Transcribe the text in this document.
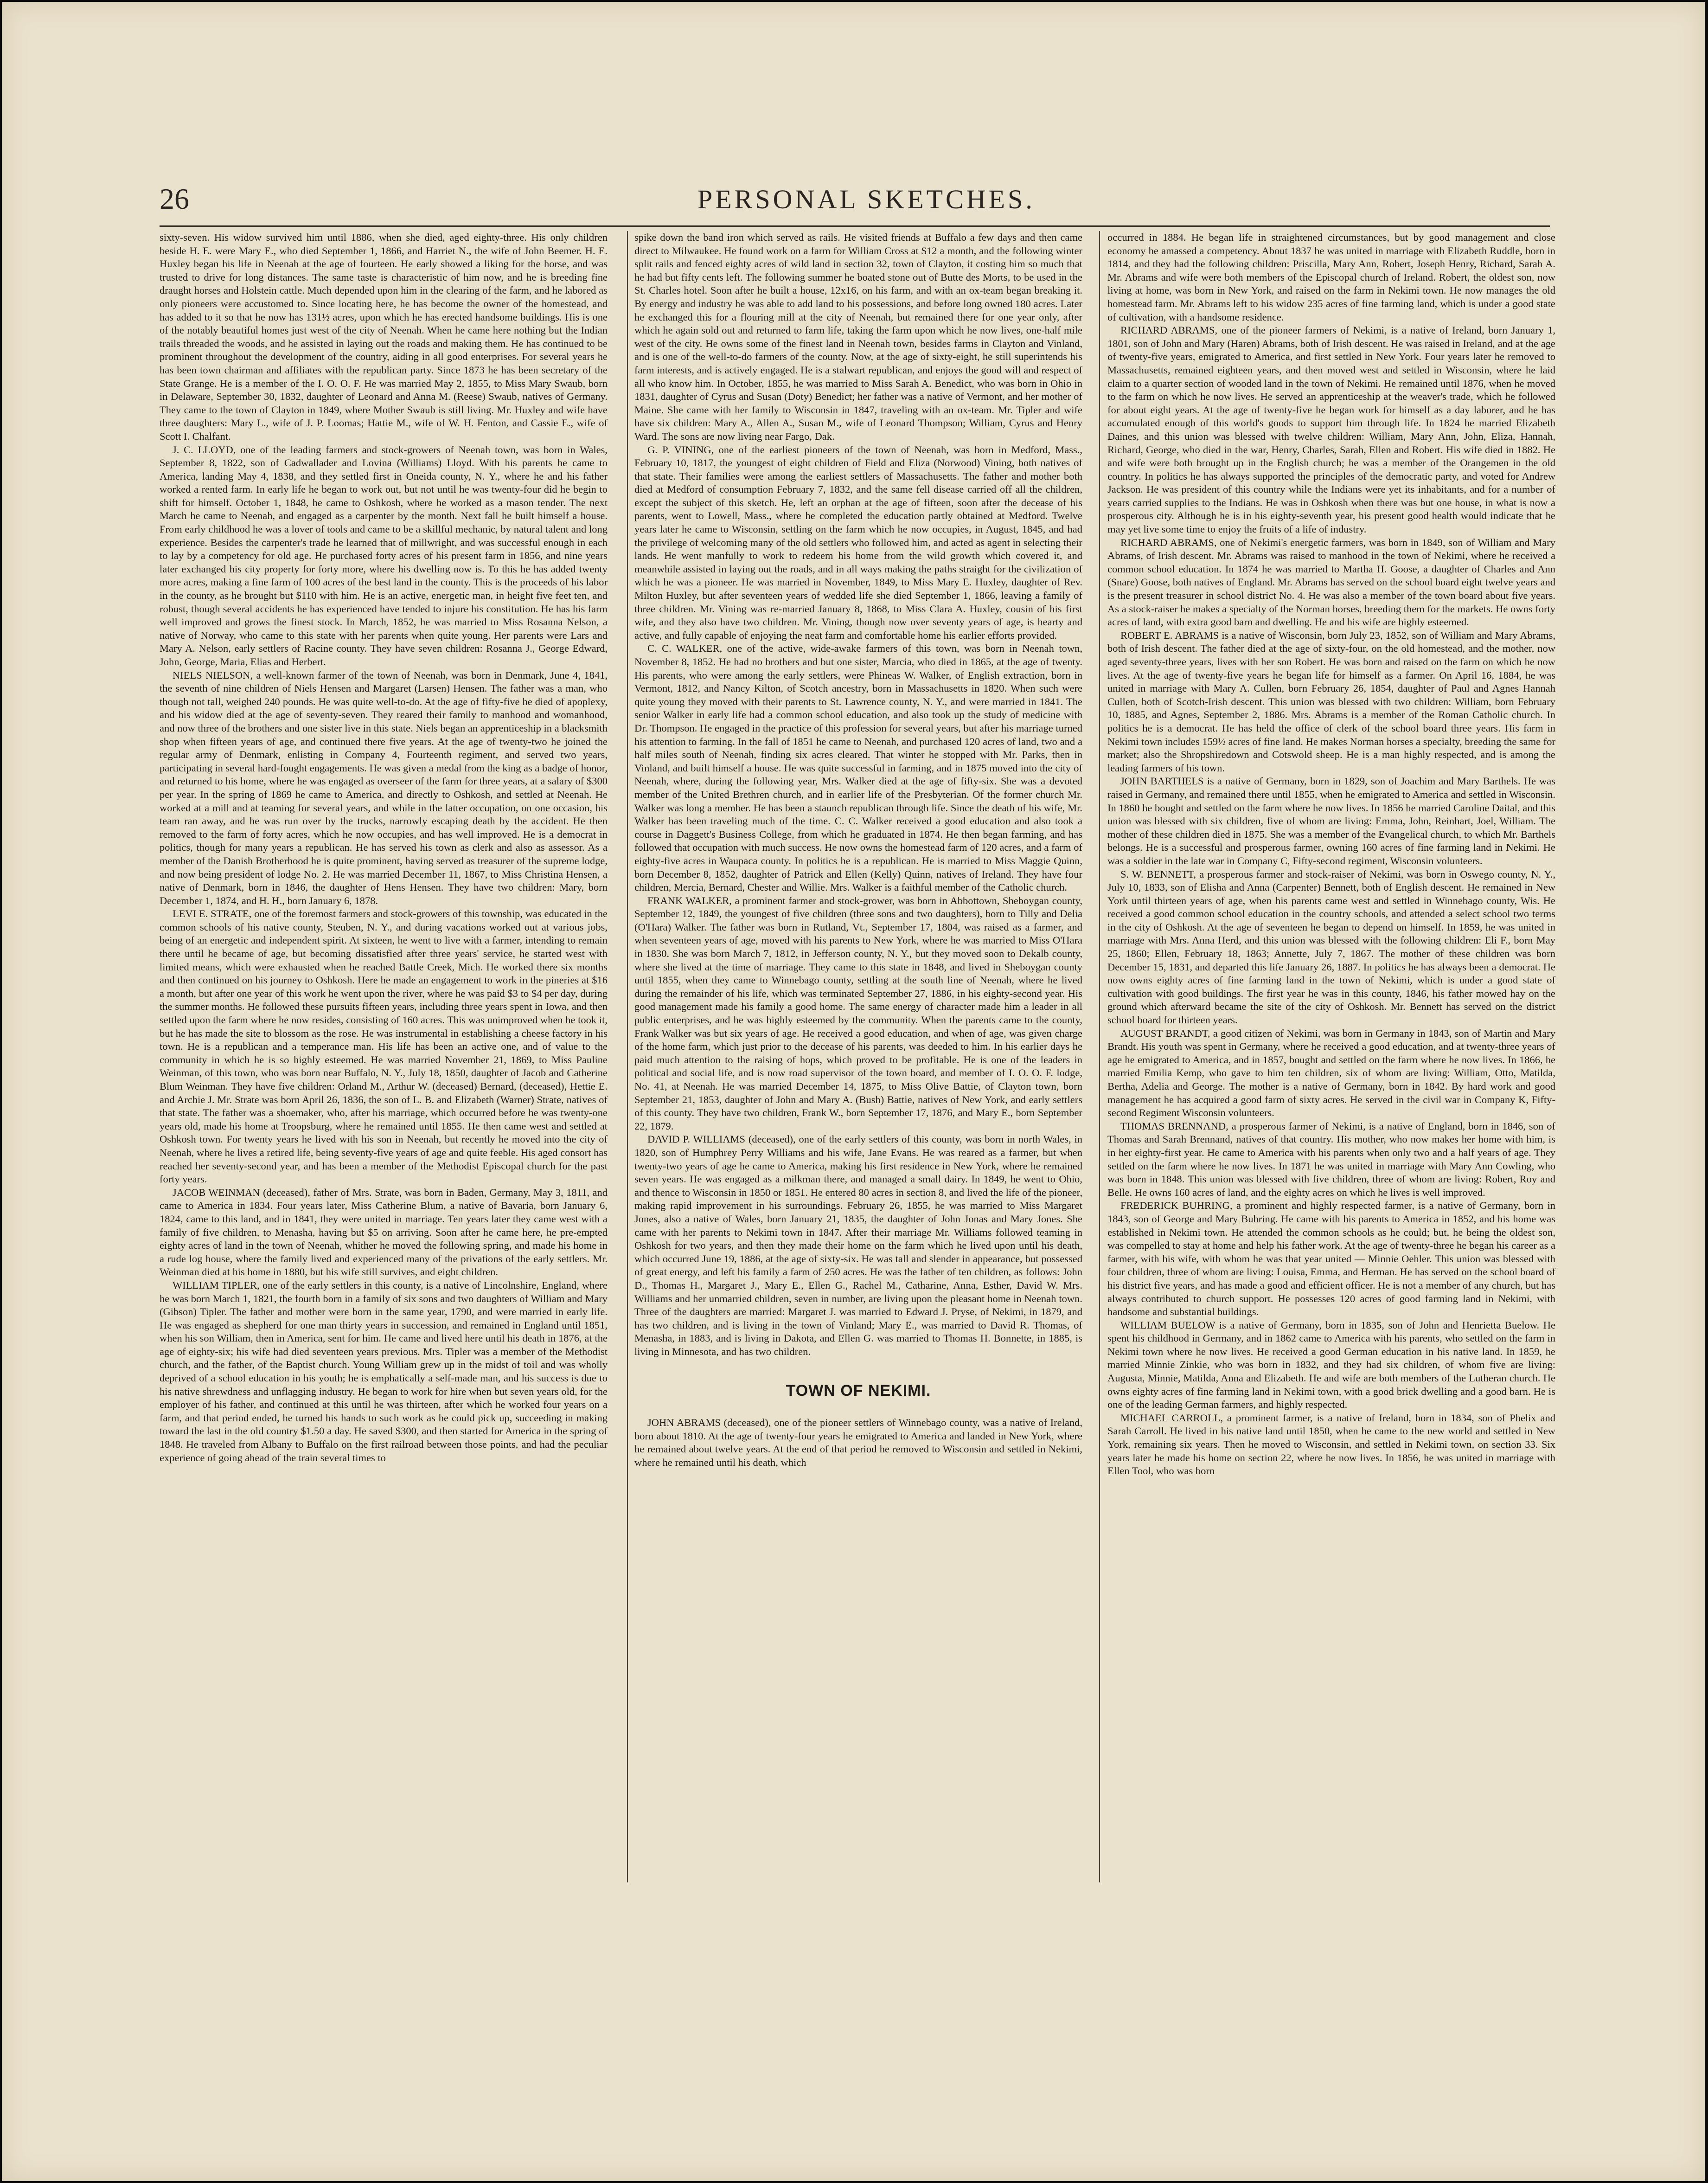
26	PERSONAL SKETCHES.

sixty-seven. His widow survived him until 1886, when she died, aged eighty-three. His only children beside H. E. were Mary E., who died September 1, 1866, and Harriet N., the wife of John Beemer. H. E. Huxley began his life in Neenah at the age of fourteen. He early showed a liking for the horse, and was trusted to drive for long distances. The same taste is characteristic of him now, and he is breeding fine draught horses and Holstein cattle. Much depended upon him in the clearing of the farm, and he labored as only pioneers were accustomed to. Since locating here, he has become the owner of the homestead, and has added to it so that he now has 131½ acres, upon which he has erected handsome buildings. His is one of the notably beautiful homes just west of the city of Neenah. When he came here nothing but the Indian trails threaded the woods, and he assisted in laying out the roads and making them. He has continued to be prominent throughout the development of the country, aiding in all good enterprises. For several years he has been town chairman and affiliates with the republican party. Since 1873 he has been secretary of the State Grange. He is a member of the I. O. O. F. He was married May 2, 1855, to Miss Mary Swaub, born in Delaware, September 30, 1832, daughter of Leonard and Anna M. (Reese) Swaub, natives of Germany. They came to the town of Clayton in 1849, where Mother Swaub is still living. Mr. Huxley and wife have three daughters: Mary L., wife of J. P. Loomas; Hattie M., wife of W. H. Fenton, and Cassie E., wife of Scott I. Chalfant.

J. C. LLOYD, one of the leading farmers and stock-growers of Neenah town, was born in Wales, September 8, 1822, son of Cadwallader and Lovina (Williams) Lloyd. With his parents he came to America, landing May 4, 1838, and they settled first in Oneida county, N. Y., where he and his father worked a rented farm. In early life he began to work out, but not until he was twenty-four did he begin to shift for himself. October 1, 1848, he came to Oshkosh, where he worked as a mason tender. The next March he came to Neenah, and engaged as a carpenter by the month. Next fall he built himself a house. From early childhood he was a lover of tools and came to be a skillful mechanic, by natural talent and long experience. Besides the carpenter's trade he learned that of millwright, and was successful enough in each to lay by a competency for old age. He purchased forty acres of his present farm in 1856, and nine years later exchanged his city property for forty more, where his dwelling now is. To this he has added twenty more acres, making a fine farm of 100 acres of the best land in the county. This is the proceeds of his labor in the county, as he brought but $110 with him. He is an active, energetic man, in height five feet ten, and robust, though several accidents he has experienced have tended to injure his constitution. He has his farm well improved and grows the finest stock. In March, 1852, he was married to Miss Rosanna Nelson, a native of Norway, who came to this state with her parents when quite young. Her parents were Lars and Mary A. Nelson, early settlers of Racine county. They have seven children: Rosanna J., George Edward, John, George, Maria, Elias and Herbert.

NIELS NIELSON, a well-known farmer of the town of Neenah, was born in Denmark, June 4, 1841, the seventh of nine children of Niels Hensen and Margaret (Larsen) Hensen. The father was a man, who though not tall, weighed 240 pounds. He was quite well-to-do. At the age of fifty-five he died of apoplexy, and his widow died at the age of seventy-seven. They reared their family to manhood and womanhood, and now three of the brothers and one sister live in this state. Niels began an apprenticeship in a blacksmith shop when fifteen years of age, and continued there five years. At the age of twenty-two he joined the regular army of Denmark, enlisting in Company 4, Fourteenth regiment, and served two years, participating in several hard-fought engagements. He was given a medal from the king as a badge of honor, and returned to his home, where he was engaged as overseer of the farm for three years, at a salary of $300 per year. In the spring of 1869 he came to America, and directly to Oshkosh, and settled at Neenah. He worked at a mill and at teaming for several years, and while in the latter occupation, on one occasion, his team ran away, and he was run over by the trucks, narrowly escaping death by the accident. He then removed to the farm of forty acres, which he now occupies, and has well improved. He is a democrat in politics, though for many years a republican. He has served his town as clerk and also as assessor. As a member of the Danish Brotherhood he is quite prominent, having served as treasurer of the supreme lodge, and now being president of lodge No. 2. He was married December 11, 1867, to Miss Christina Hensen, a native of Denmark, born in 1846, the daughter of Hens Hensen. They have two children: Mary, born December 1, 1874, and H. H., born January 6, 1878.

LEVI E. STRATE, one of the foremost farmers and stock-growers of this township, was educated in the common schools of his native county, Steuben, N. Y., and during vacations worked out at various jobs, being of an energetic and independent spirit. At sixteen, he went to live with a farmer, intending to remain there until he became of age, but becoming dissatisfied after three years' service, he started west with limited means, which were exhausted when he reached Battle Creek, Mich. He worked there six months and then continued on his journey to Oshkosh. Here he made an engagement to work in the pineries at $16 a month, but after one year of this work he went upon the river, where he was paid $3 to $4 per day, during the summer months. He followed these pursuits fifteen years, including three years spent in Iowa, and then settled upon the farm where he now resides, consisting of 160 acres. This was unimproved when he took it, but he has made the site to blossom as the rose. He was instrumental in establishing a cheese factory in his town. He is a republican and a temperance man. His life has been an active one, and of value to the community in which he is so highly esteemed. He was married November 21, 1869, to Miss Pauline Weinman, of this town, who was born near Buffalo, N. Y., July 18, 1850, daughter of Jacob and Catherine Blum Weinman. They have five children: Orland M., Arthur W. (deceased) Bernard, (deceased), Hettie E. and Archie J. Mr. Strate was born April 26, 1836, the son of L. B. and Elizabeth (Warner) Strate, natives of that state. The father was a shoemaker, who, after his marriage, which occurred before he was twenty-one years old, made his home at Troopsburg, where he remained until 1855. He then came west and settled at Oshkosh town. For twenty years he lived with his son in Neenah, but recently he moved into the city of Neenah, where he lives a retired life, being seventy-five years of age and quite feeble. His aged consort has reached her seventy-second year, and has been a member of the Methodist Episcopal church for the past forty years.

JACOB WEINMAN (deceased), father of Mrs. Strate, was born in Baden, Germany, May 3, 1811, and came to America in 1834. Four years later, Miss Catherine Blum, a native of Bavaria, born January 6, 1824, came to this land, and in 1841, they were united in marriage. Ten years later they came west with a family of five children, to Menasha, having but $5 on arriving. Soon after he came here, he pre-empted eighty acres of land in the town of Neenah, whither he moved the following spring, and made his home in a rude log house, where the family lived and experienced many of the privations of the early settlers. Mr. Weinman died at his home in 1880, but his wife still survives, and eight children.

WILLIAM TIPLER, one of the early settlers in this county, is a native of Lincolnshire, England, where he was born March 1, 1821, the fourth born in a family of six sons and two daughters of William and Mary (Gibson) Tipler. The father and mother were born in the same year, 1790, and were married in early life. He was engaged as shepherd for one man thirty years in succession, and remained in England until 1851, when his son William, then in America, sent for him. He came and lived here until his death in 1876, at the age of eighty-six; his wife had died seventeen years previous. Mrs. Tipler was a member of the Methodist church, and the father, of the Baptist church. Young William grew up in the midst of toil and was wholly deprived of a school education in his youth; he is emphatically a self-made man, and his success is due to his native shrewdness and unflagging industry. He began to work for hire when but seven years old, for the employer of his father, and continued at this until he was thirteen, after which he worked four years on a farm, and that period ended, he turned his hands to such work as he could pick up, succeeding in making toward the last in the old country $1.50 a day. He saved $300, and then started for America in the spring of 1848. He traveled from Albany to Buffalo on the first railroad between those points, and had the peculiar experience of going ahead of the train several times to

spike down the band iron which served as rails. He visited friends at Buffalo a few days and then came direct to Milwaukee. He found work on a farm for William Cross at $12 a month, and the following winter split rails and fenced eighty acres of wild land in section 32, town of Clayton, it costing him so much that he had but fifty cents left. The following summer he boated stone out of Butte des Morts, to be used in the St. Charles hotel. Soon after he built a house, 12x16, on his farm, and with an ox-team began breaking it. By energy and industry he was able to add land to his possessions, and before long owned 180 acres. Later he exchanged this for a flouring mill at the city of Neenah, but remained there for one year only, after which he again sold out and returned to farm life, taking the farm upon which he now lives, one-half mile west of the city. He owns some of the finest land in Neenah town, besides farms in Clayton and Vinland, and is one of the well-to-do farmers of the county. Now, at the age of sixty-eight, he still superintends his farm interests, and is actively engaged. He is a stalwart republican, and enjoys the good will and respect of all who know him. In October, 1855, he was married to Miss Sarah A. Benedict, who was born in Ohio in 1831, daughter of Cyrus and Susan (Doty) Benedict; her father was a native of Vermont, and her mother of Maine. She came with her family to Wisconsin in 1847, traveling with an ox-team. Mr. Tipler and wife have six children: Mary A., Allen A., Susan M., wife of Leonard Thompson; William, Cyrus and Henry Ward. The sons are now living near Fargo, Dak.

G. P. VINING, one of the earliest pioneers of the town of Neenah, was born in Medford, Mass., February 10, 1817, the youngest of eight children of Field and Eliza (Norwood) Vining, both natives of that state. Their families were among the earliest settlers of Massachusetts. The father and mother both died at Medford of consumption February 7, 1832, and the same fell disease carried off all the children, except the subject of this sketch. He, left an orphan at the age of fifteen, soon after the decease of his parents, went to Lowell, Mass., where he completed the education partly obtained at Medford. Twelve years later he came to Wisconsin, settling on the farm which he now occupies, in August, 1845, and had the privilege of welcoming many of the old settlers who followed him, and acted as agent in selecting their lands. He went manfully to work to redeem his home from the wild growth which covered it, and meanwhile assisted in laying out the roads, and in all ways making the paths straight for the civilization of which he was a pioneer. He was married in November, 1849, to Miss Mary E. Huxley, daughter of Rev. Milton Huxley, but after seventeen years of wedded life she died September 1, 1866, leaving a family of three children. Mr. Vining was re-married January 8, 1868, to Miss Clara A. Huxley, cousin of his first wife, and they also have two children. Mr. Vining, though now over seventy years of age, is hearty and active, and fully capable of enjoying the neat farm and comfortable home his earlier efforts provided.

C. C. WALKER, one of the active, wide-awake farmers of this town, was born in Neenah town, November 8, 1852. He had no brothers and but one sister, Marcia, who died in 1865, at the age of twenty. His parents, who were among the early settlers, were Phineas W. Walker, of English extraction, born in Vermont, 1812, and Nancy Kilton, of Scotch ancestry, born in Massachusetts in 1820. When such were quite young they moved with their parents to St. Lawrence county, N. Y., and were married in 1841. The senior Walker in early life had a common school education, and also took up the study of medicine with Dr. Thompson. He engaged in the practice of this profession for several years, but after his marriage turned his attention to farming. In the fall of 1851 he came to Neenah, and purchased 120 acres of land, two and a half miles south of Neenah, finding six acres cleared. That winter he stopped with Mr. Parks, then in Vinland, and built himself a house. He was quite successful in farming, and in 1875 moved into the city of Neenah, where, during the following year, Mrs. Walker died at the age of fifty-six. She was a devoted member of the United Brethren church, and in earlier life of the Presbyterian. Of the former church Mr. Walker was long a member. He has been a staunch republican through life. Since the death of his wife, Mr. Walker has been traveling much of the time. C. C. Walker received a good education and also took a course in Daggett's Business College, from which he graduated in 1874. He then began farming, and has followed that occupation with much success. He now owns the homestead farm of 120 acres, and a farm of eighty-five acres in Waupaca county. In politics he is a republican. He is married to Miss Maggie Quinn, born December 8, 1852, daughter of Patrick and Ellen (Kelly) Quinn, natives of Ireland. They have four children, Mercia, Bernard, Chester and Willie. Mrs. Walker is a faithful member of the Catholic church.

FRANK WALKER, a prominent farmer and stock-grower, was born in Abbottown, Sheboygan county, September 12, 1849, the youngest of five children (three sons and two daughters), born to Tilly and Delia (O'Hara) Walker. The father was born in Rutland, Vt., September 17, 1804, was raised as a farmer, and when seventeen years of age, moved with his parents to New York, where he was married to Miss O'Hara in 1830. She was born March 7, 1812, in Jefferson county, N. Y., but they moved soon to Dekalb county, where she lived at the time of marriage. They came to this state in 1848, and lived in Sheboygan county until 1855, when they came to Winnebago county, settling at the south line of Neenah, where he lived during the remainder of his life, which was terminated September 27, 1886, in his eighty-second year. His good management made his family a good home. The same energy of character made him a leader in all public enterprises, and he was highly esteemed by the community. When the parents came to the county, Frank Walker was but six years of age. He received a good education, and when of age, was given charge of the home farm, which just prior to the decease of his parents, was deeded to him. In his earlier days he paid much attention to the raising of hops, which proved to be profitable. He is one of the leaders in political and social life, and is now road supervisor of the town board, and member of I. O. O. F. lodge, No. 41, at Neenah. He was married December 14, 1875, to Miss Olive Battie, of Clayton town, born September 21, 1853, daughter of John and Mary A. (Bush) Battie, natives of New York, and early settlers of this county. They have two children, Frank W., born September 17, 1876, and Mary E., born September 22, 1879.

DAVID P. WILLIAMS (deceased), one of the early settlers of this county, was born in north Wales, in 1820, son of Humphrey Perry Williams and his wife, Jane Evans. He was reared as a farmer, but when twenty-two years of age he came to America, making his first residence in New York, where he remained seven years. He was engaged as a milkman there, and managed a small dairy. In 1849, he went to Ohio, and thence to Wisconsin in 1850 or 1851. He entered 80 acres in section 8, and lived the life of the pioneer, making rapid improvement in his surroundings. February 26, 1855, he was married to Miss Margaret Jones, also a native of Wales, born January 21, 1835, the daughter of John Jonas and Mary Jones. She came with her parents to Nekimi town in 1847. After their marriage Mr. Williams followed teaming in Oshkosh for two years, and then they made their home on the farm which he lived upon until his death, which occurred June 19, 1886, at the age of sixty-six. He was tall and slender in appearance, but possessed of great energy, and left his family a farm of 250 acres. He was the father of ten children, as follows: John D., Thomas H., Margaret J., Mary E., Ellen G., Rachel M., Catharine, Anna, Esther, David W. Mrs. Williams and her unmarried children, seven in number, are living upon the pleasant home in Neenah town. Three of the daughters are married: Margaret J. was married to Edward J. Pryse, of Nekimi, in 1879, and has two children, and is living in the town of Vinland; Mary E., was married to David R. Thomas, of Menasha, in 1883, and is living in Dakota, and Ellen G. was married to Thomas H. Bonnette, in 1885, is living in Minnesota, and has two children.

TOWN OF NEKIMI.

JOHN ABRAMS (deceased), one of the pioneer settlers of Winnebago county, was a native of Ireland, born about 1810. At the age of twenty-four years he emigrated to America and landed in New York, where he remained about twelve years. At the end of that period he removed to Wisconsin and settled in Nekimi, where he remained until his death, which

occurred in 1884. He began life in straightened circumstances, but by good management and close economy he amassed a competency. About 1837 he was united in marriage with Elizabeth Ruddle, born in 1814, and they had the following children: Priscilla, Mary Ann, Robert, Joseph Henry, Richard, Sarah A. Mr. Abrams and wife were both members of the Episcopal church of Ireland. Robert, the oldest son, now living at home, was born in New York, and raised on the farm in Nekimi town. He now manages the old homestead farm. Mr. Abrams left to his widow 235 acres of fine farming land, which is under a good state of cultivation, with a handsome residence.

RICHARD ABRAMS, one of the pioneer farmers of Nekimi, is a native of Ireland, born January 1, 1801, son of John and Mary (Haren) Abrams, both of Irish descent. He was raised in Ireland, and at the age of twenty-five years, emigrated to America, and first settled in New York. Four years later he removed to Massachusetts, remained eighteen years, and then moved west and settled in Wisconsin, where he laid claim to a quarter section of wooded land in the town of Nekimi. He remained until 1876, when he moved to the farm on which he now lives. He served an apprenticeship at the weaver's trade, which he followed for about eight years. At the age of twenty-five he began work for himself as a day laborer, and he has accumulated enough of this world's goods to support him through life. In 1824 he married Elizabeth Daines, and this union was blessed with twelve children: William, Mary Ann, John, Eliza, Hannah, Richard, George, who died in the war, Henry, Charles, Sarah, Ellen and Robert. His wife died in 1882. He and wife were both brought up in the English church; he was a member of the Orangemen in the old country. In politics he has always supported the principles of the democratic party, and voted for Andrew Jackson. He was president of this country while the Indians were yet its inhabitants, and for a number of years carried supplies to the Indians. He was in Oshkosh when there was but one house, in what is now a prosperous city. Although he is in his eighty-seventh year, his present good health would indicate that he may yet live some time to enjoy the fruits of a life of industry.

RICHARD ABRAMS, one of Nekimi's energetic farmers, was born in 1849, son of William and Mary Abrams, of Irish descent. Mr. Abrams was raised to manhood in the town of Nekimi, where he received a common school education. In 1874 he was married to Martha H. Goose, a daughter of Charles and Ann (Snare) Goose, both natives of England. Mr. Abrams has served on the school board eight twelve years and is the present treasurer in school district No. 4. He was also a member of the town board about five years. As a stock-raiser he makes a specialty of the Norman horses, breeding them for the markets. He owns forty acres of land, with extra good barn and dwelling. He and his wife are highly esteemed.

ROBERT E. ABRAMS is a native of Wisconsin, born July 23, 1852, son of William and Mary Abrams, both of Irish descent. The father died at the age of sixty-four, on the old homestead, and the mother, now aged seventy-three years, lives with her son Robert. He was born and raised on the farm on which he now lives. At the age of twenty-five years he began life for himself as a farmer. On April 16, 1884, he was united in marriage with Mary A. Cullen, born February 26, 1854, daughter of Paul and Agnes Hannah Cullen, both of Scotch-Irish descent. This union was blessed with two children: William, born February 10, 1885, and Agnes, September 2, 1886. Mrs. Abrams is a member of the Roman Catholic church. In politics he is a democrat. He has held the office of clerk of the school board three years. His farm in Nekimi town includes 159½ acres of fine land. He makes Norman horses a specialty, breeding the same for market; also the Shropshiredown and Cotswold sheep. He is a man highly respected, and is among the leading farmers of his town.

JOHN BARTHELS is a native of Germany, born in 1829, son of Joachim and Mary Barthels. He was raised in Germany, and remained there until 1855, when he emigrated to America and settled in Wisconsin. In 1860 he bought and settled on the farm where he now lives. In 1856 he married Caroline Daital, and this union was blessed with six children, five of whom are living: Emma, John, Reinhart, Joel, William. The mother of these children died in 1875. She was a member of the Evangelical church, to which Mr. Barthels belongs. He is a successful and prosperous farmer, owning 160 acres of fine farming land in Nekimi. He was a soldier in the late war in Company C, Fifty-second regiment, Wisconsin volunteers.

S. W. BENNETT, a prosperous farmer and stock-raiser of Nekimi, was born in Oswego county, N. Y., July 10, 1833, son of Elisha and Anna (Carpenter) Bennett, both of English descent. He remained in New York until thirteen years of age, when his parents came west and settled in Winnebago county, Wis. He received a good common school education in the country schools, and attended a select school two terms in the city of Oshkosh. At the age of seventeen he began to depend on himself. In 1859, he was united in marriage with Mrs. Anna Herd, and this union was blessed with the following children: Eli F., born May 25, 1860; Ellen, February 18, 1863; Annette, July 7, 1867. The mother of these children was born December 15, 1831, and departed this life January 26, 1887. In politics he has always been a democrat. He now owns eighty acres of fine farming land in the town of Nekimi, which is under a good state of cultivation with good buildings. The first year he was in this county, 1846, his father mowed hay on the ground which afterward became the site of the city of Oshkosh. Mr. Bennett has served on the district school board for thirteen years.

AUGUST BRANDT, a good citizen of Nekimi, was born in Germany in 1843, son of Martin and Mary Brandt. His youth was spent in Germany, where he received a good education, and at twenty-three years of age he emigrated to America, and in 1857, bought and settled on the farm where he now lives. In 1866, he married Emilia Kemp, who gave to him ten children, six of whom are living: William, Otto, Matilda, Bertha, Adelia and George. The mother is a native of Germany, born in 1842. By hard work and good management he has acquired a good farm of sixty acres. He served in the civil war in Company K, Fifty-second Regiment Wisconsin volunteers.

THOMAS BRENNAND, a prosperous farmer of Nekimi, is a native of England, born in 1846, son of Thomas and Sarah Brennand, natives of that country. His mother, who now makes her home with him, is in her eighty-first year. He came to America with his parents when only two and a half years of age. They settled on the farm where he now lives. In 1871 he was united in marriage with Mary Ann Cowling, who was born in 1848. This union was blessed with five children, three of whom are living: Robert, Roy and Belle. He owns 160 acres of land, and the eighty acres on which he lives is well improved.

FREDERICK BUHRING, a prominent and highly respected farmer, is a native of Germany, born in 1843, son of George and Mary Buhring. He came with his parents to America in 1852, and his home was established in Nekimi town. He attended the common schools as he could; but, he being the oldest son, was compelled to stay at home and help his father work. At the age of twenty-three he began his career as a farmer, with his wife, with whom he was that year united — Minnie Oehler. This union was blessed with four children, three of whom are living: Louisa, Emma, and Herman. He has served on the school board of his district five years, and has made a good and efficient officer. He is not a member of any church, but has always contributed to church support. He possesses 120 acres of good farming land in Nekimi, with handsome and substantial buildings.

WILLIAM BUELOW is a native of Germany, born in 1835, son of John and Henrietta Buelow. He spent his childhood in Germany, and in 1862 came to America with his parents, who settled on the farm in Nekimi town where he now lives. He received a good German education in his native land. In 1859, he married Minnie Zinkie, who was born in 1832, and they had six children, of whom five are living: Augusta, Minnie, Matilda, Anna and Elizabeth. He and wife are both members of the Lutheran church. He owns eighty acres of fine farming land in Nekimi town, with a good brick dwelling and a good barn. He is one of the leading German farmers, and highly respected.

MICHAEL CARROLL, a prominent farmer, is a native of Ireland, born in 1834, son of Phelix and Sarah Carroll. He lived in his native land until 1850, when he came to the new world and settled in New York, remaining six years. Then he moved to Wisconsin, and settled in Nekimi town, on section 33. Six years later he made his home on section 22, where he now lives. In 1856, he was united in marriage with Ellen Tool, who was born
